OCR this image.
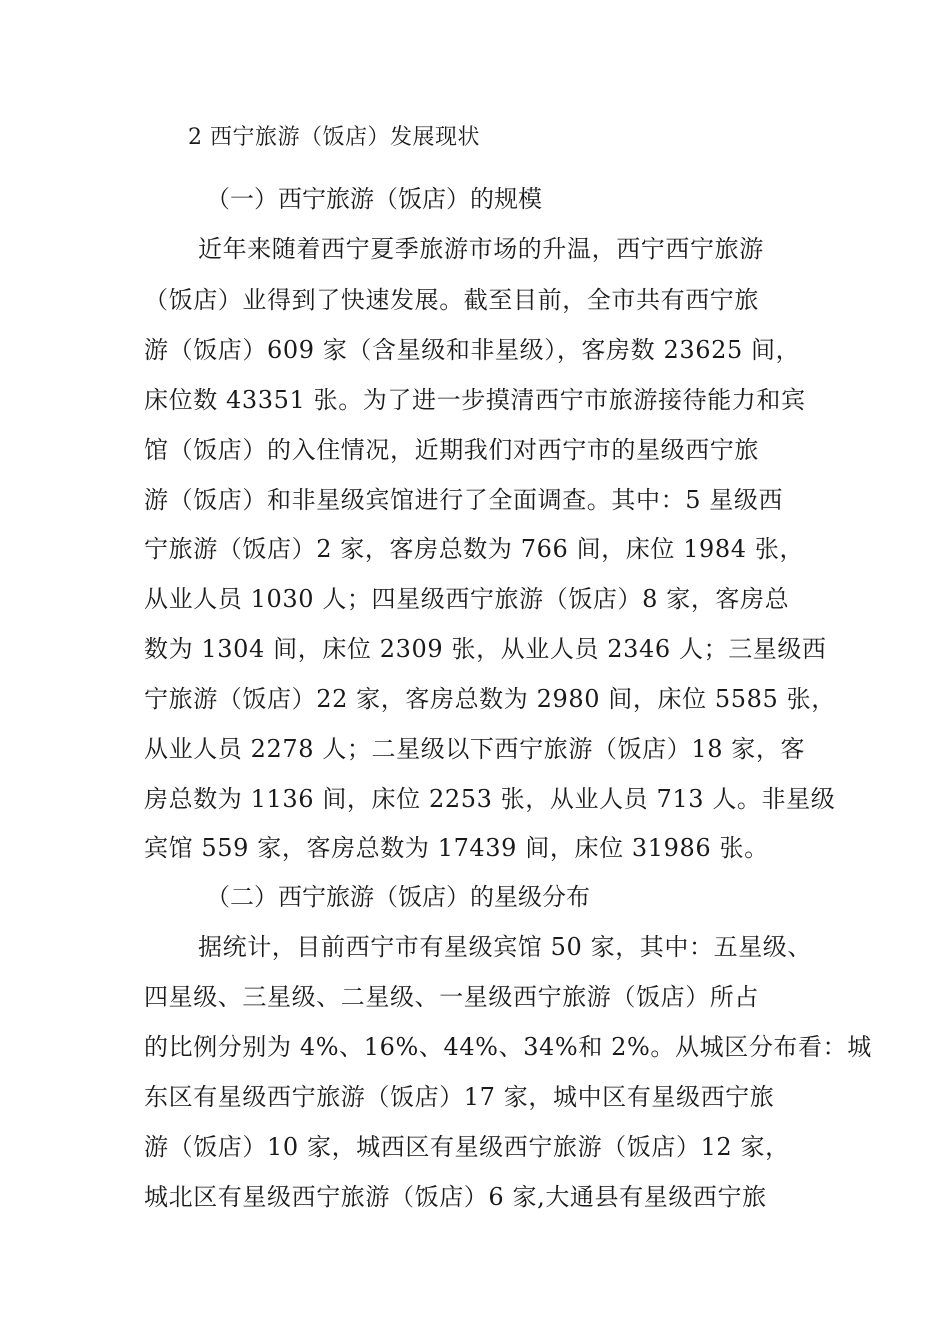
2 西宁旅游（饭店）发展现状

（一）西宁旅游（饭店）的规模

近年来随着西宁夏季旅游市场的升温，西宁西宁旅游

（饭店）业得到了快速发展。截至目前，全市共有西宁旅

游（饭店）609 家（含星级和非星级），客房数 23625 间，

床位数 43351 张。为了进一步摸清西宁市旅游接待能力和宾

馆（饭店）的入住情况，近期我们对西宁市的星级西宁旅

游（饭店）和非星级宾馆进行了全面调查。其中：5 星级西

宁旅游（饭店）2 家，客房总数为 766 间，床位 1984 张，

从业人员 1030 人；四星级西宁旅游（饭店）8 家，客房总

数为 1304 间，床位 2309 张，从业人员 2346 人；三星级西

宁旅游（饭店）22 家，客房总数为 2980 间，床位 5585 张，

从业人员 2278 人；二星级以下西宁旅游（饭店）18 家，客

房总数为 1136 间，床位 2253 张，从业人员 713 人。非星级

宾馆 559 家，客房总数为 17439 间，床位 31986 张。

（二）西宁旅游（饭店）的星级分布

据统计，目前西宁市有星级宾馆 50 家，其中：五星级、

四星级、三星级、二星级、一星级西宁旅游（饭店）所占

的比例分别为 4%、16%、44%、34%和 2%。从城区分布看：城

东区有星级西宁旅游（饭店）17 家，城中区有星级西宁旅

游（饭店）10 家，城西区有星级西宁旅游（饭店）12 家，

城北区有星级西宁旅游（饭店）6 家,大通县有星级西宁旅
